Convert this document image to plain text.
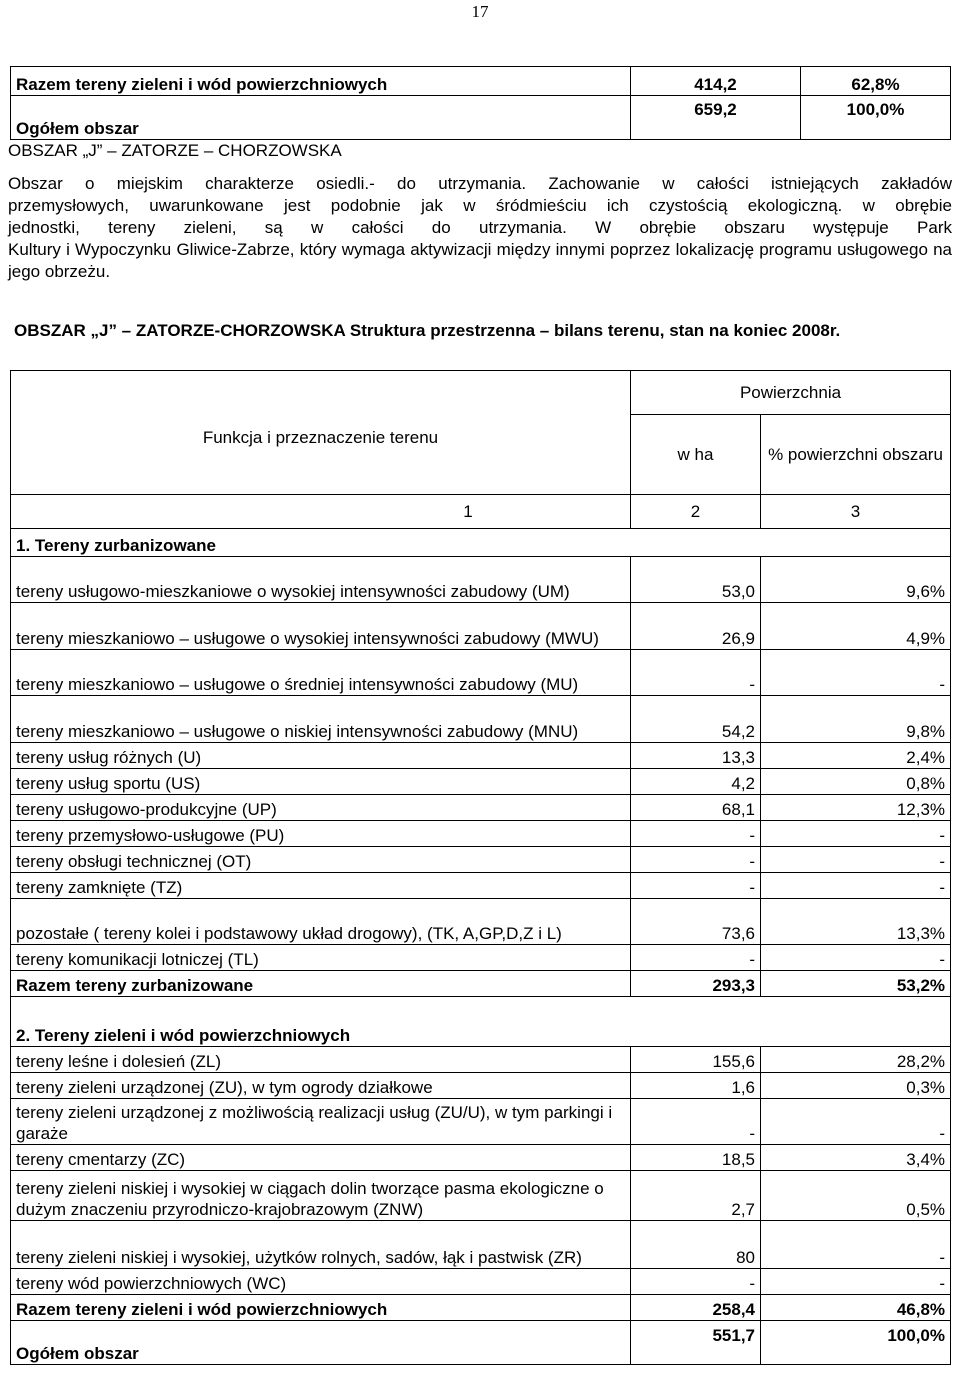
17
Razem tereny zieleni i wód powierzchniowych	414,2	62,8%
Ogółem obszar	659,2	100,0%
OBSZAR „J” – ZATORZE – CHORZOWSKA
Obszar o miejskim charakterze osiedli.- do utrzymania. Zachowanie w całości istniejących zakładów
przemysłowych, uwarunkowane jest podobnie jak w śródmieściu ich czystością ekologiczną. w obrębie
jednostki, tereny zieleni, są w całości do utrzymania. W obrębie obszaru występuje Park
Kultury i Wypoczynku Gliwice-Zabrze, który wymaga aktywizacji między innymi poprzez lokalizację programu usługowego na jego obrzeżu.
OBSZAR „J” – ZATORZE-CHORZOWSKA Struktura przestrzenna – bilans terenu, stan na koniec 2008r.
Funkcja i przeznaczenie terenu	Powierzchnia	
	w ha	% powierzchni obszaru
1	2	3
1. Tereny zurbanizowane		
tereny usługowo-mieszkaniowe o wysokiej intensywności zabudowy (UM)	53,0	9,6%
tereny mieszkaniowo – usługowe o wysokiej intensywności zabudowy (MWU)	26,9	4,9%
tereny mieszkaniowo – usługowe o średniej intensywności zabudowy (MU)	-	-
tereny mieszkaniowo – usługowe o niskiej intensywności zabudowy (MNU)	54,2	9,8%
tereny usług różnych (U)	13,3	2,4%
tereny usług sportu (US)	4,2	0,8%
tereny usługowo-produkcyjne (UP)	68,1	12,3%
tereny przemysłowo-usługowe (PU)	-	-
tereny obsługi technicznej (OT)	-	-
tereny zamknięte (TZ)	-	-
pozostałe ( tereny kolei i podstawowy układ drogowy), (TK, A,GP,D,Z i L)	73,6	13,3%
tereny komunikacji lotniczej (TL)	-	-
Razem tereny zurbanizowane	293,3	53,2%
2. Tereny zieleni i wód powierzchniowych		
tereny leśne i dolesień (ZL)	155,6	28,2%
tereny zieleni urządzonej (ZU), w tym ogrody działkowe	1,6	0,3%
tereny zieleni urządzonej z możliwością realizacji usług (ZU/U), w tym parkingi i garaże	-	-
tereny cmentarzy (ZC)	18,5	3,4%
tereny zieleni niskiej i wysokiej w ciągach dolin tworzące pasma ekologiczne o dużym znaczeniu przyrodniczo-krajobrazowym (ZNW)	2,7	0,5%
tereny zieleni niskiej i wysokiej, użytków rolnych, sadów, łąk i pastwisk (ZR)	80	-
tereny wód powierzchniowych (WC)	-	-
Razem tereny zieleni i wód powierzchniowych	258,4	46,8%
Ogółem obszar	551,7	100,0%
